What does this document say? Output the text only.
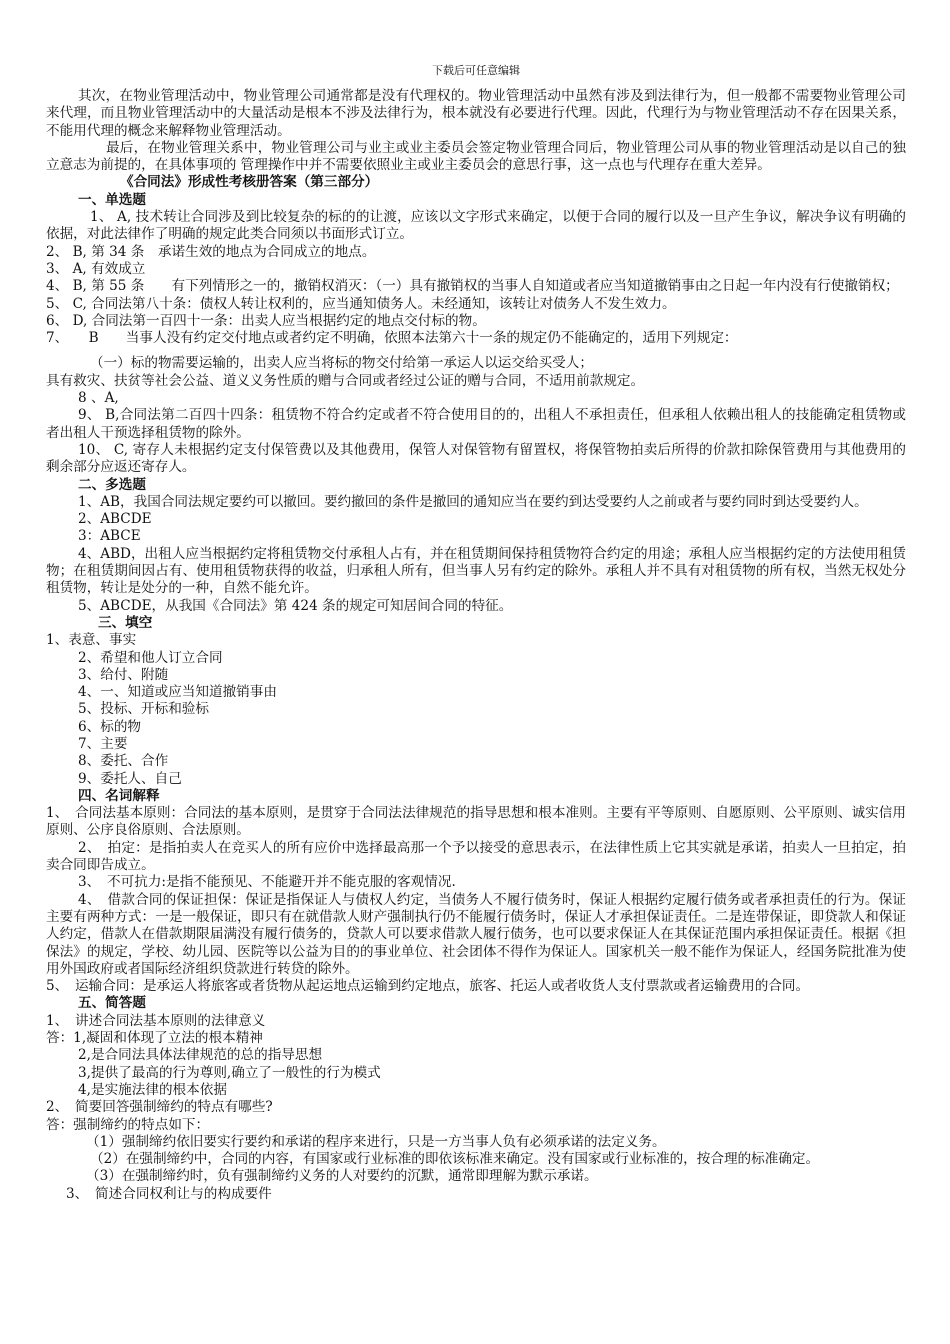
下载后可任意编辑

其次，在物业管理活动中，物业管理公司通常都是没有代理权的。物业管理活动中虽然有涉及到法律行为，但一般都不需要物业管理公司来代理，而且物业管理活动中的大量活动是根本不涉及法律行为，根本就没有必要进行代理。因此，代理行为与物业管理活动不存在因果关系，不能用代理的概念来解释物业管理活动。

最后，在物业管理关系中，物业管理公司与业主或业主委员会签定物业管理合同后，物业管理公司从事的物业管理活动是以自己的独立意志为前提的，在具体事项的 管理操作中并不需要依照业主或业主委员会的意思行事，这一点也与代理存在重大差异。

《合同法》形成性考核册答案（第三部分）

一、单选题

1、 A, 技术转让合同涉及到比较复杂的标的的让渡，应该以文字形式来确定，以便于合同的履行以及一旦产生争议，解决争议有明确的依据，对此法律作了明确的规定此类合同须以书面形式订立。

2、 B, 第 34 条　承诺生效的地点为合同成立的地点。

3、 A, 有效成立

4、 B, 第 55 条　　有下列情形之一的，撤销权消灭：（一）具有撤销权的当事人自知道或者应当知道撤销事由之日起一年内没有行使撤销权；

5、 C, 合同法第八十条：债权人转让权利的，应当通知债务人。未经通知，该转让对债务人不发生效力。

6、 D, 合同法第一百四十一条：出卖人应当根据约定的地点交付标的物。

7、　　B　　当事人没有约定交付地点或者约定不明确，依照本法第六十一条的规定仍不能确定的，适用下列规定：

（一）标的物需要运输的，出卖人应当将标的物交付给第一承运人以运交给买受人；

具有救灾、扶贫等社会公益、道义义务性质的赠与合同或者经过公证的赠与合同，不适用前款规定。

8 、A,

9、 B,合同法第二百四十四条：租赁物不符合约定或者不符合使用目的的，出租人不承担责任，但承租人依赖出租人的技能确定租赁物或者出租人干预选择租赁物的除外。

10、 C, 寄存人未根据约定支付保管费以及其他费用，保管人对保管物有留置权，将保管物拍卖后所得的价款扣除保管费用与其他费用的剩余部分应返还寄存人。

二、多选题

1、AB，我国合同法规定要约可以撤回。要约撤回的条件是撤回的通知应当在要约到达受要约人之前或者与要约同时到达受要约人。

2、ABCDE

3：ABCE

4、ABD，出租人应当根据约定将租赁物交付承租人占有，并在租赁期间保持租赁物符合约定的用途；承租人应当根据约定的方法使用租赁物；在租赁期间因占有、使用租赁物获得的收益，归承租人所有，但当事人另有约定的除外。承租人并不具有对租赁物的所有权，当然无权处分租赁物，转让是处分的一种，自然不能允许。

5、ABCDE，从我国《合同法》第 424 条的规定可知居间合同的特征。

三、填空

1、表意、事实

2、希望和他人订立合同

3、给付、附随

4、一、知道或应当知道撤销事由

5、投标、开标和验标

6、标的物

7、主要

8、委托、合作

9、委托人、自己

四、名词解释

1、　合同法基本原则：合同法的基本原则，是贯穿于合同法法律规范的指导思想和根本准则。主要有平等原则、自愿原则、公平原则、诚实信用原则、公序良俗原则、合法原则。

2、　拍定：是指拍卖人在竞买人的所有应价中选择最高那一个予以接受的意思表示，在法律性质上它其实就是承诺，拍卖人一旦拍定，拍卖合同即告成立。

3、　不可抗力:是指不能预见、不能避开并不能克服的客观情况.

4、　借款合同的保证担保：保证是指保证人与债权人约定，当债务人不履行债务时，保证人根据约定履行债务或者承担责任的行为。保证主要有两种方式：一是一般保证，即只有在就借款人财产强制执行仍不能履行债务时，保证人才承担保证责任。二是连带保证，即贷款人和保证人约定，借款人在借款期限届满没有履行债务的，贷款人可以要求借款人履行债务，也可以要求保证人在其保证范围内承担保证责任。根据《担保法》的规定，学校、幼儿园、医院等以公益为目的的事业单位、社会团体不得作为保证人。国家机关一般不能作为保证人，经国务院批准为使用外国政府或者国际经济组织贷款进行转贷的除外。

5、　运输合同：是承运人将旅客或者货物从起运地点运输到约定地点，旅客、托运人或者收货人支付票款或者运输费用的合同。

五、简答题

1、　讲述合同法基本原则的法律意义

答：1,凝固和体现了立法的根本精神

2,是合同法具体法律规范的总的指导思想

3,提供了最高的行为尊则,确立了一般性的行为模式

4,是实施法律的根本依据

2、　简要回答强制缔约的特点有哪些?

答：强制缔约的特点如下：

（1）强制缔约依旧要实行要约和承诺的程序来进行，只是一方当事人负有必须承诺的法定义务。

（2）在强制缔约中，合同的内容，有国家或行业标准的即依该标准来确定。没有国家或行业标准的，按合理的标准确定。

（3）在强制缔约时，负有强制缔约义务的人对要约的沉默，通常即理解为默示承诺。

3、　简述合同权利让与的构成要件
